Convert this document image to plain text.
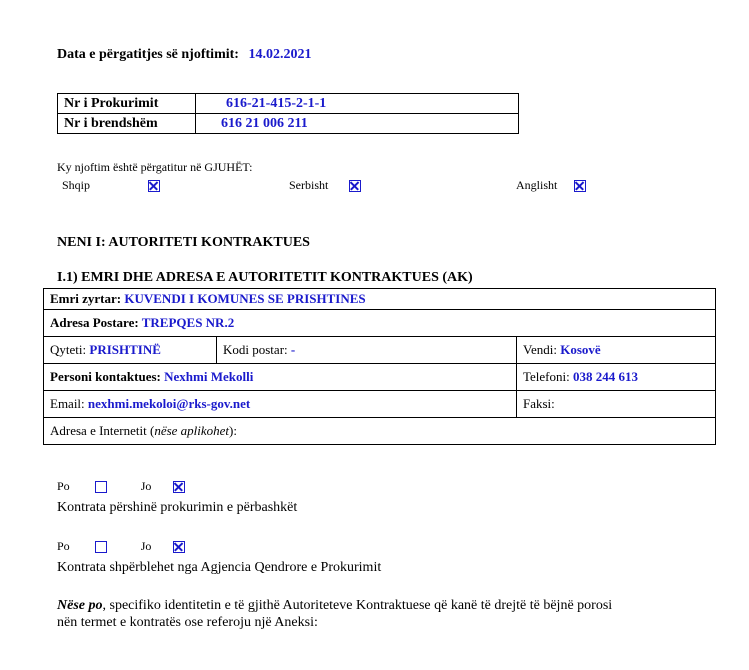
Data e përgatitjes së njoftimit: 14.02.2021
Nr i Prokurimit	616-21-415-2-1-1
Nr i brendshëm	616 21 006 211
Ky njoftim është përgatitur në GJUHËT:
Shqip	Serbisht	Anglisht
NENI I: AUTORITETI KONTRAKTUES
I.1) EMRI DHE ADRESA E AUTORITETIT KONTRAKTUES (AK)
Emri zyrtar: KUVENDI I KOMUNES SE PRISHTINES		
Adresa Postare: TREPQES NR.2		
Qyteti: PRISHTINË	Kodi postar: -	Vendi: Kosovë
Personi kontaktues: Nexhmi Mekolli		Telefoni: 038 244 613
Email: nexhmi.mekoloi@rks-gov.net		Faksi:
Adresa e Internetit (nëse aplikohet):		
Po	Jo
Kontrata përshinë prokurimin e përbashkët
Po	Jo
Kontrata shpërblehet nga Agjencia Qendrore e Prokurimit
Nëse po, specifiko identitetin e të gjithë Autoriteteve Kontraktuese që kanë të drejtë të bëjnë porosi
nën termet e kontratës ose referoju një Aneksi:
